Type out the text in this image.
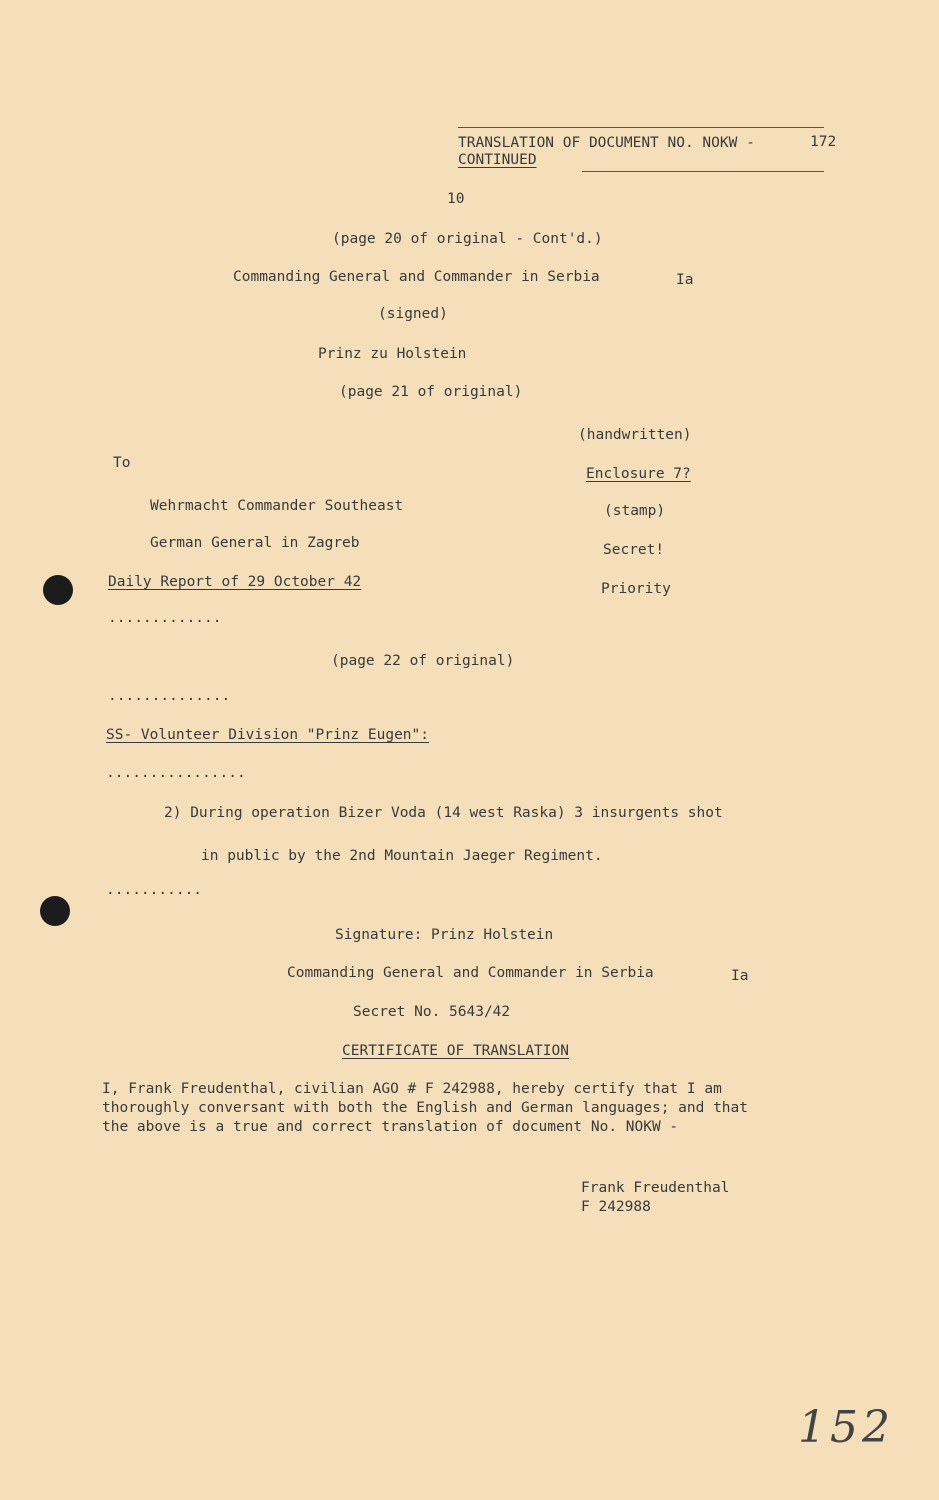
TRANSLATION OF DOCUMENT NO. NOKW -	172
CONTINUED
10
(page 20 of original - Cont'd.)
Commanding General and Commander in Serbia	Ia
(signed)
Prinz zu Holstein
(page 21 of original)
(handwritten)
To
Enclosure 7?
Wehrmacht Commander Southeast	(stamp)
German General in Zagreb	Secret!
Daily Report of 29 October 42	Priority
.............
(page 22 of original)
..............
SS- Volunteer Division "Prinz Eugen":
................
2) During operation Bizer Voda (14 west Raska) 3 insurgents shot
in public by the 2nd Mountain Jaeger Regiment.
...........
Signature: Prinz Holstein
Commanding General and Commander in Serbia	Ia
Secret No. 5643/42
CERTIFICATE OF TRANSLATION
I, Frank Freudenthal, civilian AGO # F 242988, hereby certify that I am
thoroughly conversant with both the English and German languages; and that
the above is a true and correct translation of document No. NOKW -
Frank Freudenthal
F 242988
152
